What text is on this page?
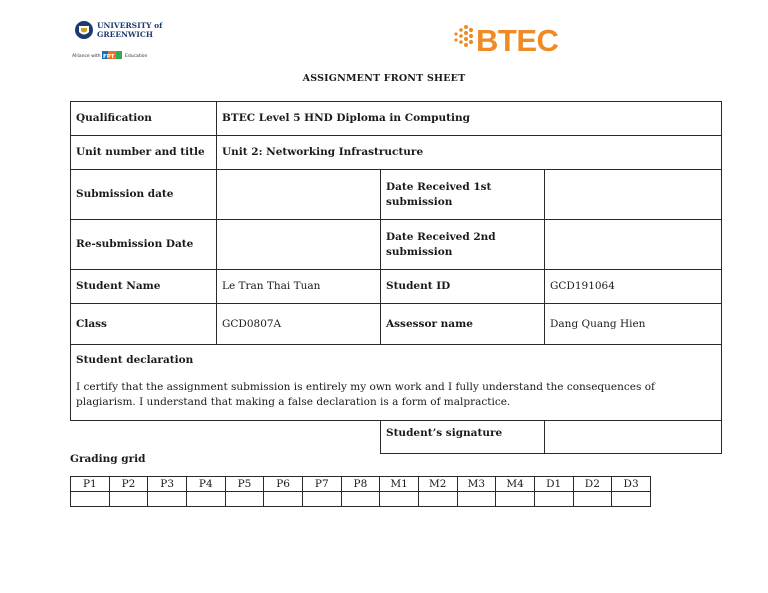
UNIVERSITY of
GREENWICH
Alliance with FPT Education	BTEC
ASSIGNMENT FRONT SHEET
Qualification	BTEC Level 5 HND Diploma in Computing		
Unit number and title	Unit 2: Networking Infrastructure		
Submission date		Date Received 1st submission	
Re-submission Date		Date Received 2nd submission	
Student Name	Le Tran Thai Tuan	Student ID	GCD191064
Class	GCD0807A	Assessor name	Dang Quang Hien

Student declaration
I certify that the assignment submission is entirely my own work and I fully understand the consequences of plagiarism. I understand that making a false declaration is a form of malpractice.			

		Student’s signature	
Grading grid
P1	P2	P3	P4	P5	P6	P7	P8	M1	M2	M3	M4	D1	D2	D3
